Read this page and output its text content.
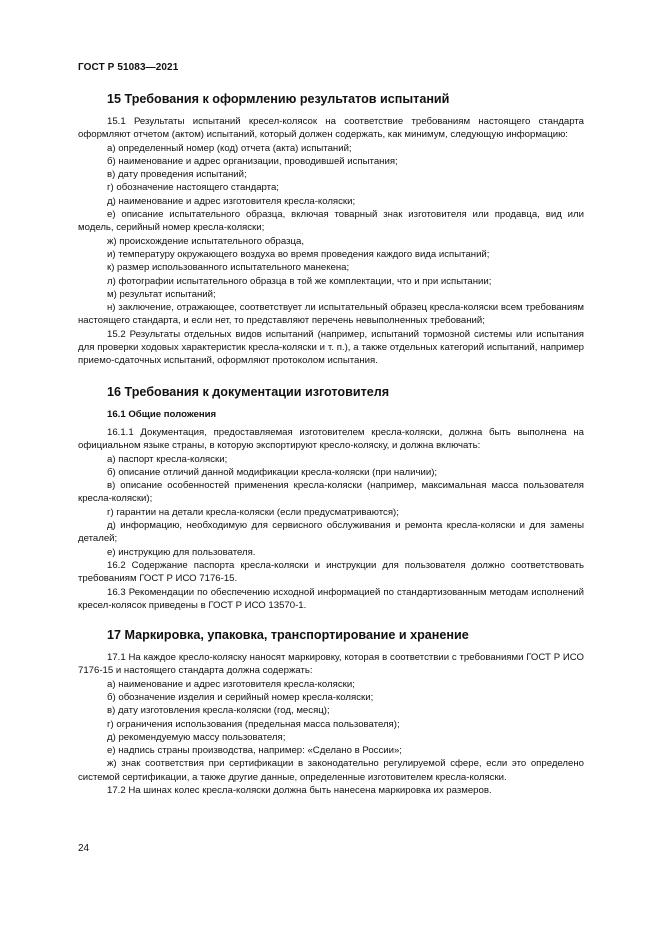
ГОСТ Р 51083—2021
15 Требования к оформлению результатов испытаний

15.1 Результаты испытаний кресел-колясок на соответствие требованиям настоящего стандарта оформляют отчетом (актом) испытаний, который должен содержать, как минимум, следующую информацию:

а) определенный номер (код) отчета (акта) испытаний;

б) наименование и адрес организации, проводившей испытания;

в) дату проведения испытаний;

г) обозначение настоящего стандарта;

д) наименование и адрес изготовителя кресла-коляски;

е) описание испытательного образца, включая товарный знак изготовителя или продавца, вид или модель, серийный номер кресла-коляски;

ж) происхождение испытательного образца,

и) температуру окружающего воздуха во время проведения каждого вида испытаний;

к) размер использованного испытательного манекена;

л) фотографии испытательного образца в той же комплектации, что и при испытании;

м) результат испытаний;

н) заключение, отражающее, соответствует ли испытательный образец кресла-коляски всем требованиям настоящего стандарта, и если нет, то представляют перечень невыполненных требований;

15.2 Результаты отдельных видов испытаний (например, испытаний тормозной системы или испытания для проверки ходовых характеристик кресла-коляски и т. п.), а также отдельных категорий испытаний, например приемо-сдаточных испытаний, оформляют протоколом испытания.

16 Требования к документации изготовителя
16.1 Общие положения

16.1.1 Документация, предоставляемая изготовителем кресла-коляски, должна быть выполнена на официальном языке страны, в которую экспортируют кресло-коляску, и должна включать:

а) паспорт кресла-коляски;

б) описание отличий данной модификации кресла-коляски (при наличии);

в) описание особенностей применения кресла-коляски (например, максимальная масса пользователя кресла-коляски);

г) гарантии на детали кресла-коляски (если предусматриваются);

д) информацию, необходимую для сервисного обслуживания и ремонта кресла-коляски и для замены деталей;

е) инструкцию для пользователя.

16.2 Содержание паспорта кресла-коляски и инструкции для пользователя должно соответствовать требованиям ГОСТ Р ИСО 7176-15.

16.3 Рекомендации по обеспечению исходной информацией по стандартизованным методам исполнений кресел-колясок приведены в ГОСТ Р ИСО 13570-1.

17 Маркировка, упаковка, транспортирование и хранение

17.1 На каждое кресло-коляску наносят маркировку, которая в соответствии с требованиями ГОСТ Р ИСО 7176-15 и настоящего стандарта должна содержать:

а) наименование и адрес изготовителя кресла-коляски;

б) обозначение изделия и серийный номер кресла-коляски;

в) дату изготовления кресла-коляски (год, месяц);

г) ограничения использования (предельная масса пользователя);

д) рекомендуемую массу пользователя;

е) надпись страны производства, например: «Сделано в России»;

ж) знак соответствия при сертификации в законодательно регулируемой сфере, если это определено системой сертификации, а также другие данные, определенные изготовителем кресла-коляски.

17.2 На шинах колес кресла-коляски должна быть нанесена маркировка их размеров.

24
